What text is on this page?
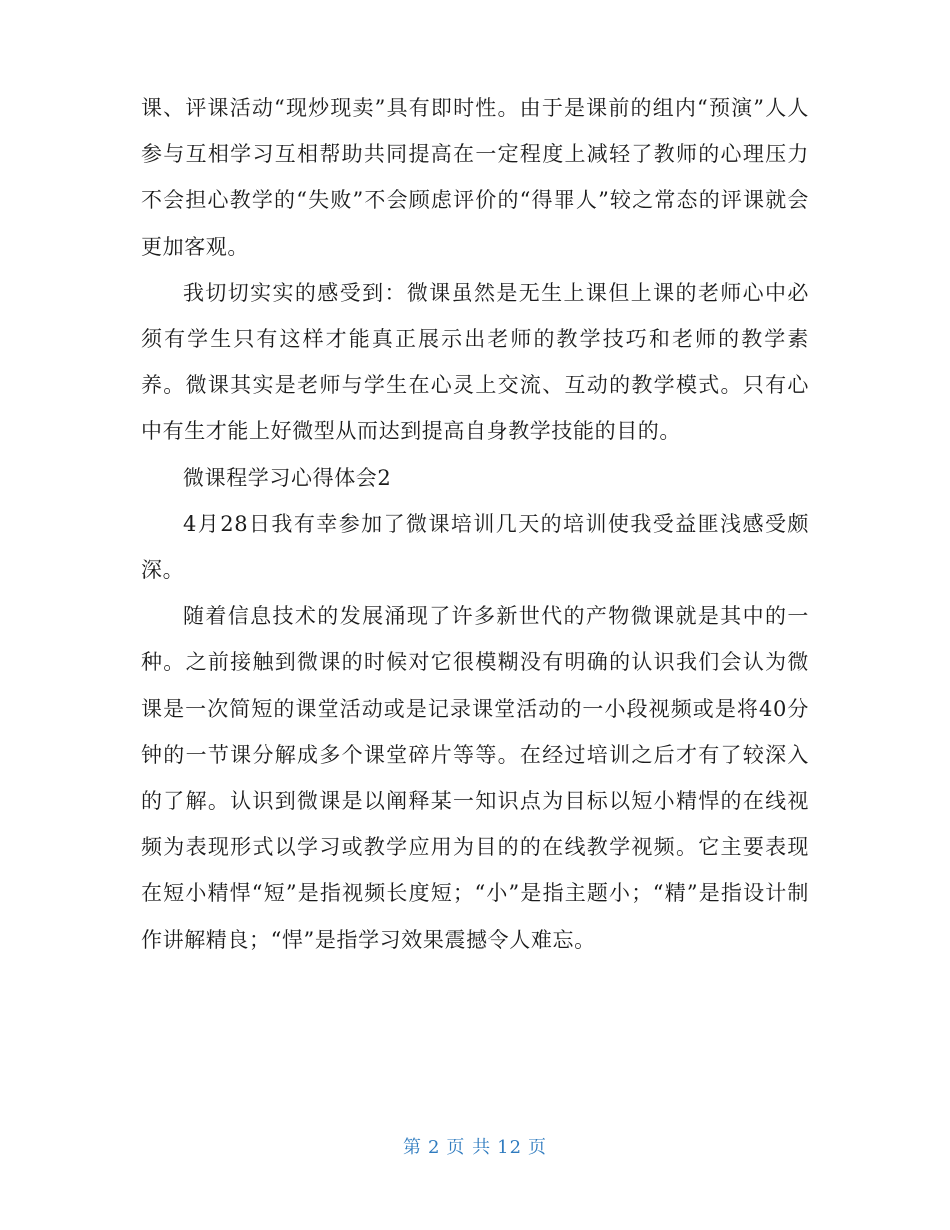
课、评课活动“现炒现卖”具有即时性。由于是课前的组内“预演”人人参与互相学习互相帮助共同提高在一定程度上减轻了教师的心理压力不会担心教学的“失败”不会顾虑评价的“得罪人”较之常态的评课就会更加客观。

我切切实实的感受到：微课虽然是无生上课但上课的老师心中必须有学生只有这样才能真正展示出老师的教学技巧和老师的教学素养。微课其实是老师与学生在心灵上交流、互动的教学模式。只有心中有生才能上好微型从而达到提高自身教学技能的目的。

微课程学习心得体会2

4月28日我有幸参加了微课培训几天的培训使我受益匪浅感受颇深。

随着信息技术的发展涌现了许多新世代的产物微课就是其中的一种。之前接触到微课的时候对它很模糊没有明确的认识我们会认为微课是一次简短的课堂活动或是记录课堂活动的一小段视频或是将40分钟的一节课分解成多个课堂碎片等等。在经过培训之后才有了较深入的了解。认识到微课是以阐释某一知识点为目标以短小精悍的在线视频为表现形式以学习或教学应用为目的的在线教学视频。它主要表现在短小精悍“短”是指视频长度短；“小”是指主题小；“精”是指设计制作讲解精良；“悍”是指学习效果震撼令人难忘。

第 2 页 共 12 页
